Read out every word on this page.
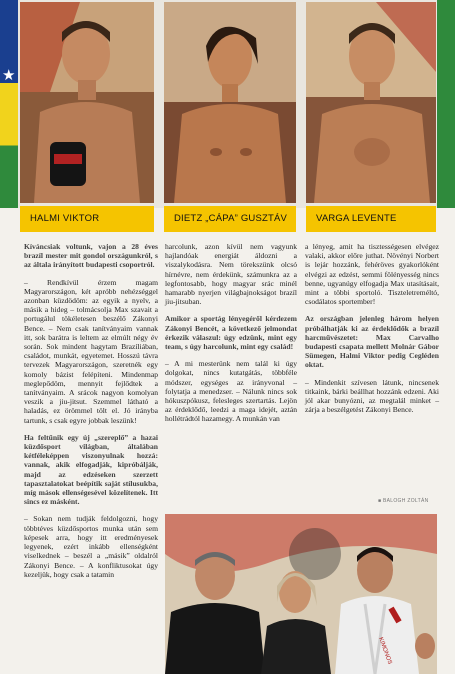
★
HALMI VIKTOR	DIETZ „CÁPA” GUSZTÁV	VARGA LEVENTE

Kíváncsiak voltunk, vajon a 28 éves brazíl mester mit gondol országunkról, s az általa irányított budapesti csoportról.

– Rendkívül érzem magam Magyarországon, két apróbb nehézséggel azonban küzdödöm: az egyik a nyelv, a másik a hideg – tolmácsolja Max szavait a portugálul tökéletesen beszélő Zákonyi Bence. – Nem csak tanítványaim vannak itt, sok barátra is leltem az elmúlt négy év során. Sok mindent hagytam Brazíliában, családot, munkát, egyetemet. Hosszú távra tervezek Magyarországon, szeretnék egy komoly bázist felépíteni. Mindenmap meglepődöm, mennyit fejlődtek a tanítványaim. A srácok nagyon komolyan veszik a jiu-jitsut. Szemmel látható a haladás, ez örömmel tölt el. Jó irányba tartunk, s csak egyre jobbak leszünk!

Ha feltűnik egy új „szereplő” a hazai küzdősport világban, általában kétféleképpen viszonyulnak hozzá: vannak, akik elfogadják, kipróbálják, majd az edzéseken szerzett tapasztalatokat beépítik saját stílusukba, míg mások ellenségesével közelítenek. Itt sincs ez másként.

– Sokan nem tudják feldolgozni, hogy többtéves küzdősportos munka után sem képesek arra, hogy itt eredményesek legyenek, ezért inkább ellenségként viselkednek – beszél a „másik” oldalról Zákonyi Bence. – A konfliktusokat úgy kezeljük, hogy csak a tatamin

harcolunk, azon kívül nem vagyunk hajlandóak energiát áldozni a viszalykodásra. Nem törekszünk olcsó hírnévre, nem érdekünk, számunkra az a legfontosabb, hogy magyar srác minél hamarabb nyerjen világbajnokságot brazíl jiu-jitsuban.

Amikor a sportág lényegéről kérdezem Zákonyi Bencét, a következő jelmondat érkezik válaszul: úgy edzünk, mint egy team, s úgy harcolunk, mint egy család!

– A mi mesterünk nem talál ki úgy dolgokat, nincs kutatgátás, többféle módszer, egységes az irányvonal – folytatja a menedzser. – Nálunk nincs sok hókuszpókusz, felesleges szertartás. Lejön az érdeklődő, leedzi a maga idejét, aztán hollétrádtól hazamegy. A munkán van

a lényeg, amit ha tisztességesen elvégez valaki, akkor előre juthat. Növényi Norbert is lejár hozzánk, fehéröves gyakorlóként elvégzi az edzést, semmi fölényesség nincs benne, ugyanúgy elfogadja Max utasításait, mint a többi sportoló. Tiszteletreméltó, csodálatos sportember!

Az országban jelenleg három helyen próbálhatják ki az érdeklődők a brazíl harcművészetet: Max Carvalho budapesti csapata mellett Molnár Gábor Sümegen, Halmi Viktor pedig Cegléden oktat.

– Mindenkit szívesen látunk, nincsenek titkaink, bárki beállhat hozzánk edzeni. Aki jól akar bunyózni, az megtalál minket – zárja a beszélgetést Zákonyi Bence.

■ BALOGH ZOLTÁN
KIMONOS
